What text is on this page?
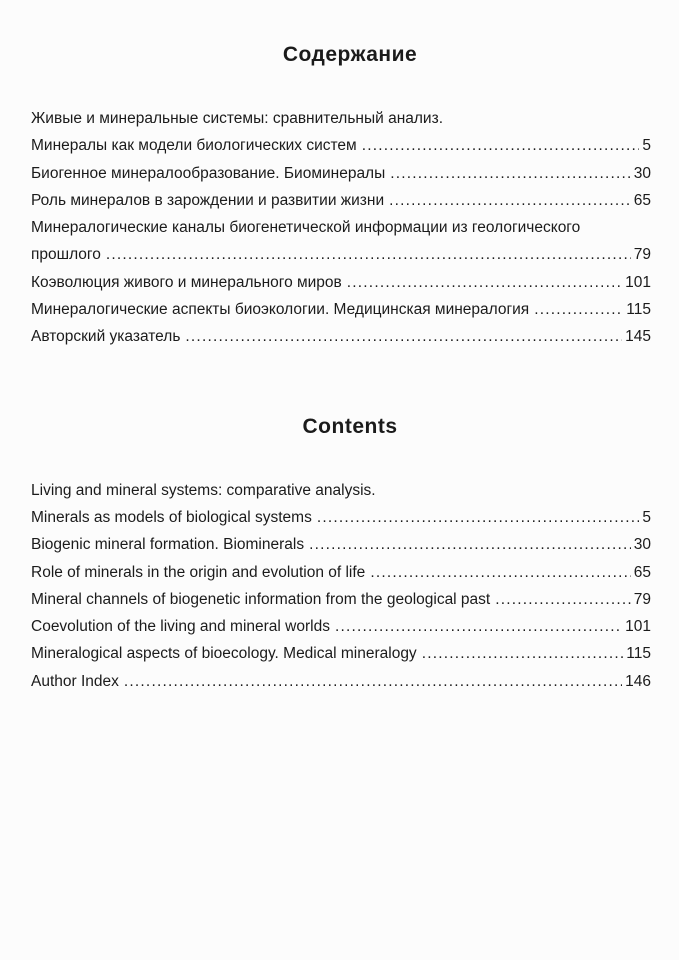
Содержание
Живые и минеральные системы: сравнительный анализ.
Минералы как модели биологических систем .....	5
Биогенное минералообразование. Биоминералы .....	30
Роль минералов в зарождении и развитии жизни .....	65
Минералогические каналы биогенетической информации из геологического
прошлого .....	79
Коэволюция живого и минерального миров .....	101
Минералогические аспекты биоэкологии. Медицинская минералогия .....	115
Авторский указатель .....	145
Contents
Living and mineral systems: comparative analysis.
Minerals as models of biological systems .....	5
Biogenic mineral formation. Biominerals .....	30
Role of minerals in the origin and evolution of life .....	65
Mineral channels of biogenetic information from the geological past .....	79
Coevolution of the living and mineral worlds .....	101
Mineralogical aspects of bioecology. Medical mineralogy .....	115
Author Index .....	146
